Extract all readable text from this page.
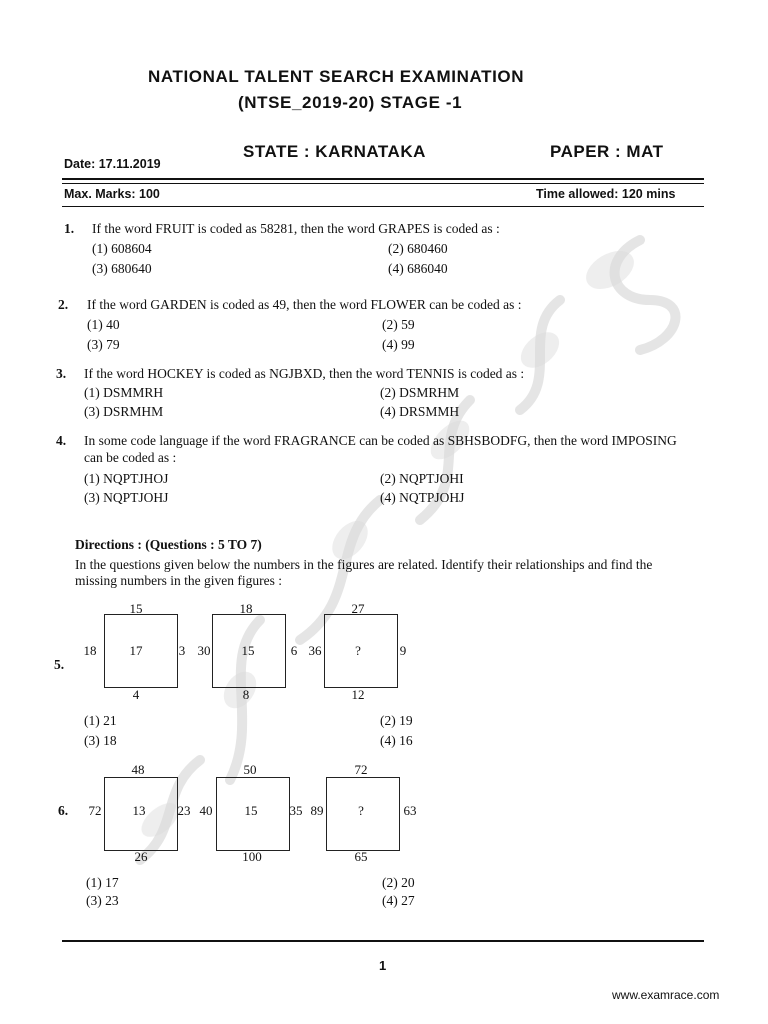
NATIONAL TALENT SEARCH EXAMINATION
(NTSE_2019-20) STAGE -1
Date: 17.11.2019
STATE : KARNATAKA	PAPER : MAT
Max. Marks: 100	Time allowed: 120 mins
1. If the word FRUIT is coded as 58281, then the word GRAPES is coded as :
(1) 608604	(2) 680460
(3) 680640	(4) 686040
2. If the word GARDEN is coded as 49, then the word FLOWER can be coded as :
(1) 40	(2) 59
(3) 79	(4) 99
3. If the word HOCKEY is coded as NGJBXD, then the word TENNIS is coded as :
(1) DSMMRH	(2) DSMRHM
(3) DSRMHM	(4) DRSMMH
4. In some code language if the word FRAGRANCE can be coded as SBHSBODFG, then the word IMPOSING
can be coded as :
(1) NQPTJHOJ	(2) NQPTJOHI
(3) NQPTJOHJ	(4) NQTPJOHJ
Directions : (Questions : 5 TO 7)
In the questions given below the numbers in the figures are related. Identify their relationships and find the
missing numbers in the given figures :
5.
15
18	17	3
4
18
30	15	6
8
27
36	?	9
12
(1) 21	(2) 19
(3) 18	(4) 16
6.
48
72	13	23
26
50
40	15	35
100
72
89	?	63
65
(1) 17	(2) 20
(3) 23	(4) 27
1
www.examrace.com
